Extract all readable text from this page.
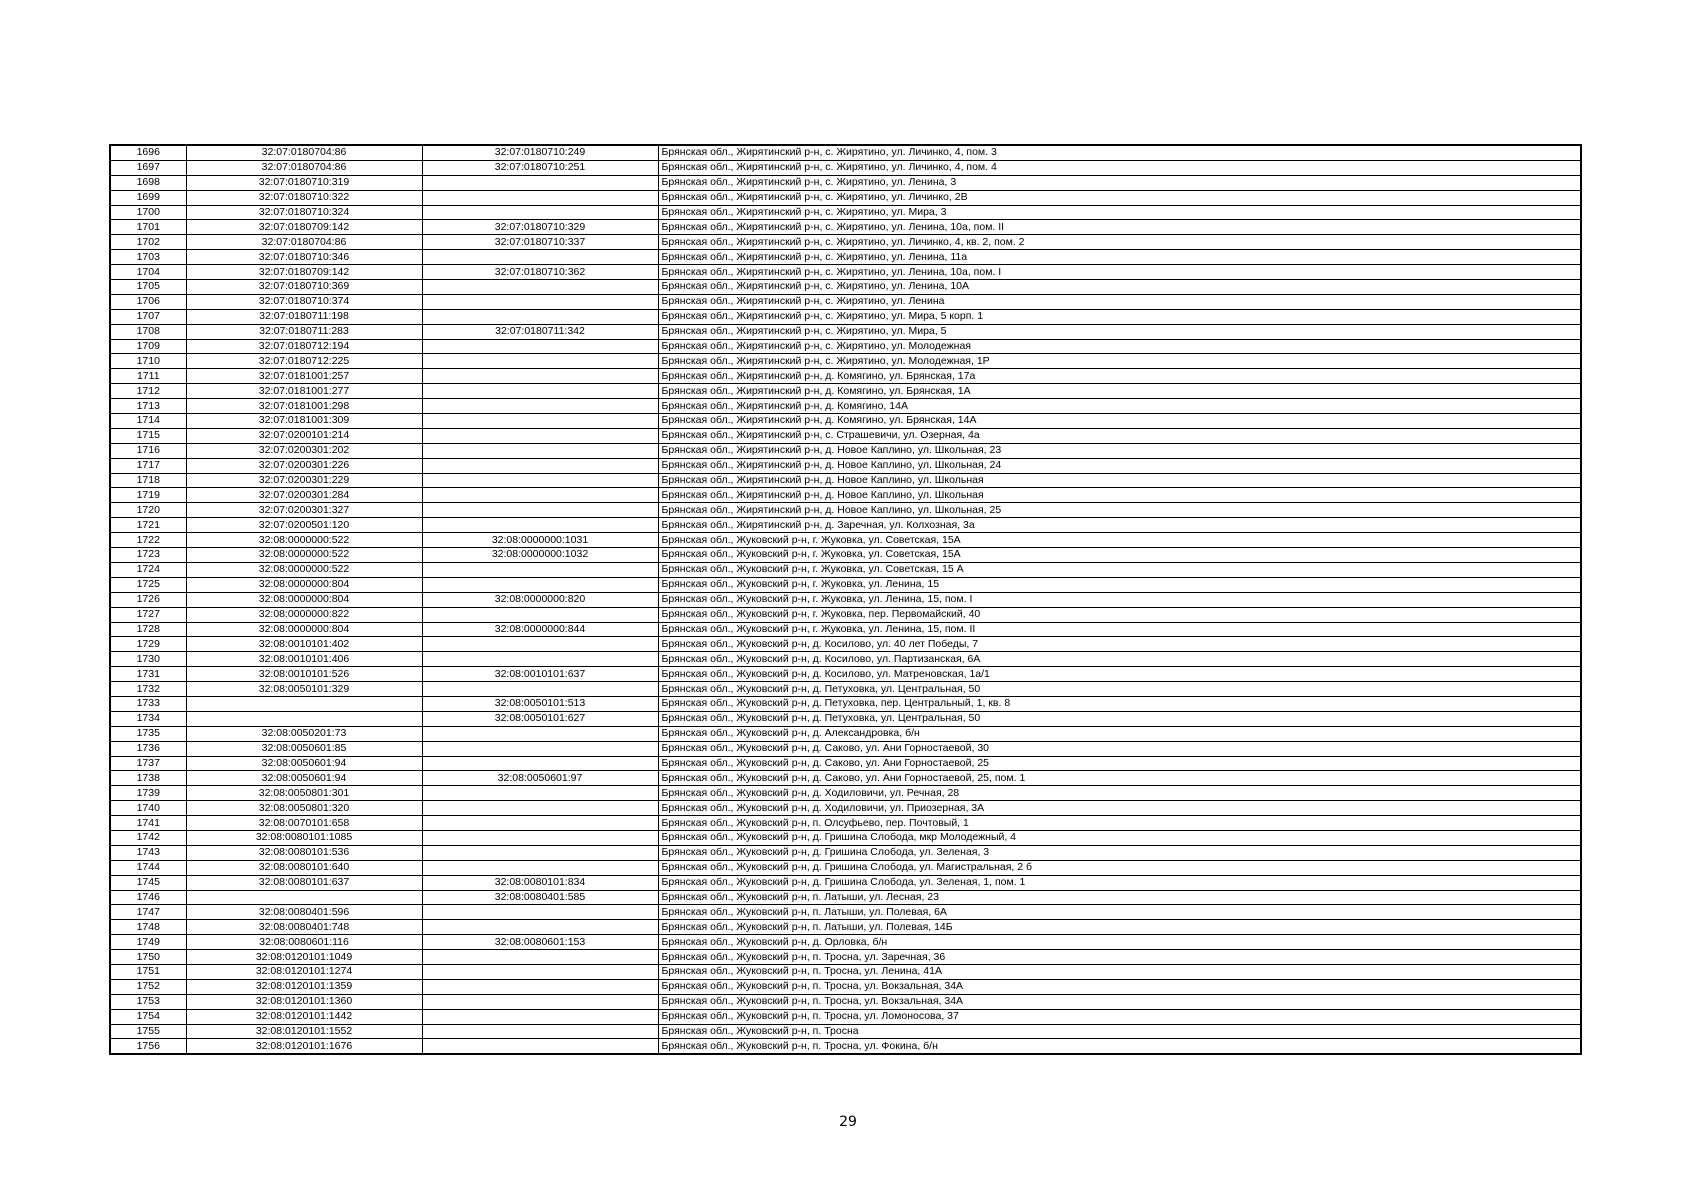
1696	32:07:0180704:86	32:07:0180710:249	Брянская обл., Жирятинский р-н, с. Жирятино, ул. Личинко, 4, пом. 3
1697	32:07:0180704:86	32:07:0180710:251	Брянская обл., Жирятинский р-н, с. Жирятино, ул. Личинко, 4, пом. 4
1698	32:07:0180710:319		Брянская обл., Жирятинский р-н, с. Жирятино, ул. Ленина, 3
1699	32:07:0180710:322		Брянская обл., Жирятинский р-н, с. Жирятино, ул. Личинко, 2В
1700	32:07:0180710:324		Брянская обл., Жирятинский р-н, с. Жирятино, ул. Мира, 3
1701	32:07:0180709:142	32:07:0180710:329	Брянская обл., Жирятинский р-н, с. Жирятино, ул. Ленина, 10а, пом. II
1702	32:07:0180704:86	32:07:0180710:337	Брянская обл., Жирятинский р-н, с. Жирятино, ул. Личинко, 4, кв. 2, пом. 2
1703	32:07:0180710:346		Брянская обл., Жирятинский р-н, с. Жирятино, ул. Ленина, 11а
1704	32:07:0180709:142	32:07:0180710:362	Брянская обл., Жирятинский р-н, с. Жирятино, ул. Ленина, 10а, пом. I
1705	32:07:0180710:369		Брянская обл., Жирятинский р-н, с. Жирятино, ул. Ленина, 10А
1706	32:07:0180710:374		Брянская обл., Жирятинский р-н, с. Жирятино, ул. Ленина
1707	32:07:0180711:198		Брянская обл., Жирятинский р-н, с. Жирятино, ул. Мира, 5 корп. 1
1708	32:07:0180711:283	32:07:0180711:342	Брянская обл., Жирятинский р-н, с. Жирятино, ул. Мира, 5
1709	32:07:0180712:194		Брянская обл., Жирятинский р-н, с. Жирятино, ул. Молодежная
1710	32:07:0180712:225		Брянская обл., Жирятинский р-н, с. Жирятино, ул. Молодежная, 1Р
1711	32:07:0181001:257		Брянская обл., Жирятинский р-н, д. Комягино, ул. Брянская, 17а
1712	32:07:0181001:277		Брянская обл., Жирятинский р-н, д. Комягино, ул. Брянская, 1А
1713	32:07:0181001:298		Брянская обл., Жирятинский р-н, д. Комягино, 14А
1714	32:07:0181001:309		Брянская обл., Жирятинский р-н, д. Комягино, ул. Брянская, 14А
1715	32:07:0200101:214		Брянская обл., Жирятинский р-н, с. Страшевичи, ул. Озерная, 4а
1716	32:07:0200301:202		Брянская обл., Жирятинский р-н, д. Новое Каплино, ул. Школьная, 23
1717	32:07:0200301:226		Брянская обл., Жирятинский р-н, д. Новое Каплино, ул. Школьная, 24
1718	32:07:0200301:229		Брянская обл., Жирятинский р-н, д. Новое Каплино, ул. Школьная
1719	32:07:0200301:284		Брянская обл., Жирятинский р-н, д. Новое Каплино, ул. Школьная
1720	32:07:0200301:327		Брянская обл., Жирятинский р-н, д. Новое Каплино, ул. Школьная, 25
1721	32:07:0200501:120		Брянская обл., Жирятинский р-н, д. Заречная, ул. Колхозная, 3а
1722	32:08:0000000:522	32:08:0000000:1031	Брянская обл., Жуковский р-н, г. Жуковка, ул. Советская, 15А
1723	32:08:0000000:522	32:08:0000000:1032	Брянская обл., Жуковский р-н, г. Жуковка, ул. Советская, 15А
1724	32:08:0000000:522		Брянская обл., Жуковский р-н, г. Жуковка, ул. Советская, 15 А
1725	32:08:0000000:804		Брянская обл., Жуковский р-н, г. Жуковка, ул. Ленина, 15
1726	32:08:0000000:804	32:08:0000000:820	Брянская обл., Жуковский р-н, г. Жуковка, ул. Ленина, 15, пом. I
1727	32:08:0000000:822		Брянская обл., Жуковский р-н, г. Жуковка, пер. Первомайский, 40
1728	32:08:0000000:804	32:08:0000000:844	Брянская обл., Жуковский р-н, г. Жуковка, ул. Ленина, 15, пом. II
1729	32:08:0010101:402		Брянская обл., Жуковский р-н, д. Косилово, ул. 40 лет Победы, 7
1730	32:08:0010101:406		Брянская обл., Жуковский р-н, д. Косилово, ул. Партизанская, 6А
1731	32:08:0010101:526	32:08:0010101:637	Брянская обл., Жуковский р-н, д. Косилово, ул. Матреновская, 1а/1
1732	32:08:0050101:329		Брянская обл., Жуковский р-н, д. Петуховка, ул. Центральная, 50
1733		32:08:0050101:513	Брянская обл., Жуковский р-н, д. Петуховка, пер. Центральный, 1, кв. 8
1734		32:08:0050101:627	Брянская обл., Жуковский р-н, д. Петуховка, ул. Центральная, 50
1735	32:08:0050201:73		Брянская обл., Жуковский р-н, д. Александровка, б/н
1736	32:08:0050601:85		Брянская обл., Жуковский р-н, д. Саково, ул. Ани Горностаевой, 30
1737	32:08:0050601:94		Брянская обл., Жуковский р-н, д. Саково, ул. Ани Горностаевой, 25
1738	32:08:0050601:94	32:08:0050601:97	Брянская обл., Жуковский р-н, д. Саково, ул. Ани Горностаевой, 25, пом. 1
1739	32:08:0050801:301		Брянская обл., Жуковский р-н, д. Ходиловичи, ул. Речная, 28
1740	32:08:0050801:320		Брянская обл., Жуковский р-н, д. Ходиловичи, ул. Приозерная, 3А
1741	32:08:0070101:658		Брянская обл., Жуковский р-н, п. Олсуфьево, пер. Почтовый, 1
1742	32:08:0080101:1085		Брянская обл., Жуковский р-н, д. Гришина Слобода, мкр Молодежный, 4
1743	32:08:0080101:536		Брянская обл., Жуковский р-н, д. Гришина Слобода, ул. Зеленая, 3
1744	32:08:0080101:640		Брянская обл., Жуковский р-н, д. Гришина Слобода, ул. Магистральная, 2 б
1745	32:08:0080101:637	32:08:0080101:834	Брянская обл., Жуковский р-н, д. Гришина Слобода, ул. Зеленая, 1, пом. 1
1746		32:08:0080401:585	Брянская обл., Жуковский р-н, п. Латыши, ул. Лесная, 23
1747	32:08:0080401:596		Брянская обл., Жуковский р-н, п. Латыши, ул. Полевая, 6А
1748	32:08:0080401:748		Брянская обл., Жуковский р-н, п. Латыши, ул. Полевая, 14Б
1749	32:08:0080601:116	32:08:0080601:153	Брянская обл., Жуковский р-н, д. Орловка, б/н
1750	32:08:0120101:1049		Брянская обл., Жуковский р-н, п. Тросна, ул. Заречная, 36
1751	32:08:0120101:1274		Брянская обл., Жуковский р-н, п. Тросна, ул. Ленина, 41А
1752	32:08:0120101:1359		Брянская обл., Жуковский р-н, п. Тросна, ул. Вокзальная, 34А
1753	32:08:0120101:1360		Брянская обл., Жуковский р-н, п. Тросна, ул. Вокзальная, 34А
1754	32:08:0120101:1442		Брянская обл., Жуковский р-н, п. Тросна, ул. Ломоносова, 37
1755	32:08:0120101:1552		Брянская обл., Жуковский р-н, п. Тросна
1756	32:08:0120101:1676		Брянская обл., Жуковский р-н, п. Тросна, ул. Фокина, б/н
29
